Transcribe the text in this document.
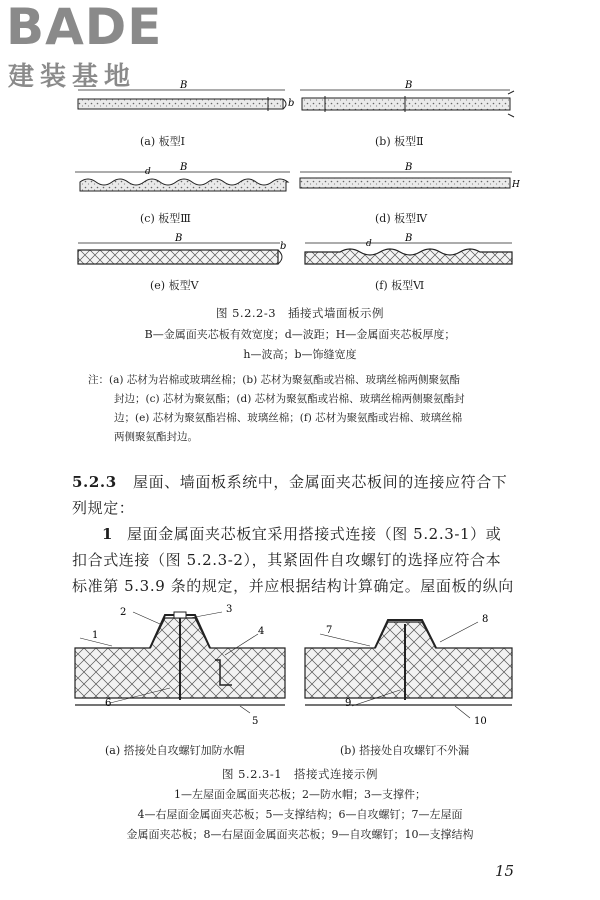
BADE
建装基地	B
b
B
B
d	B
H
B
b
B
d
(a) 板型Ⅰ	(b) 板型Ⅱ
(c) 板型Ⅲ	(d) 板型Ⅳ
(e) 板型Ⅴ	(f) 板型Ⅵ
图 5.2.2-3　插接式墙面板示例
B—金属面夹芯板有效宽度；d—波距；H—金属面夹芯板厚度；
h—波高；b—饰缝宽度
注：(a) 芯材为岩棉或玻璃丝棉；(b) 芯材为聚氨酯或岩棉、玻璃丝棉两侧聚氨酯
封边；(c) 芯材为聚氨酯；(d) 芯材为聚氨酯或岩棉、玻璃丝棉两侧聚氨酯封
边；(e) 芯材为聚氨酯岩棉、玻璃丝棉；(f) 芯材为聚氨酯或岩棉、玻璃丝棉
两侧聚氨酯封边。
5.2.3 屋面、墙面板系统中，金属面夹芯板间的连接应符合下
列规定：
1 屋面金属面夹芯板宜采用搭接式连接（图 5.2.3-1）或
扣合式连接（图 5.2.3-2），其紧固件自攻螺钉的选择应符合本
标准第 5.3.9 条的规定，并应根据结构计算确定。屋面板的纵向
1
2	3
4
5
6
7
8
9
10
(a) 搭接处自攻螺钉加防水帽	(b) 搭接处自攻螺钉不外漏
图 5.2.3-1　搭接式连接示例
1—左屋面金属面夹芯板；2—防水帽；3—支撑件；
4—右屋面金属面夹芯板；5—支撑结构；6—自攻螺钉；7—左屋面
金属面夹芯板；8—右屋面金属面夹芯板；9—自攻螺钉；10—支撑结构
15
